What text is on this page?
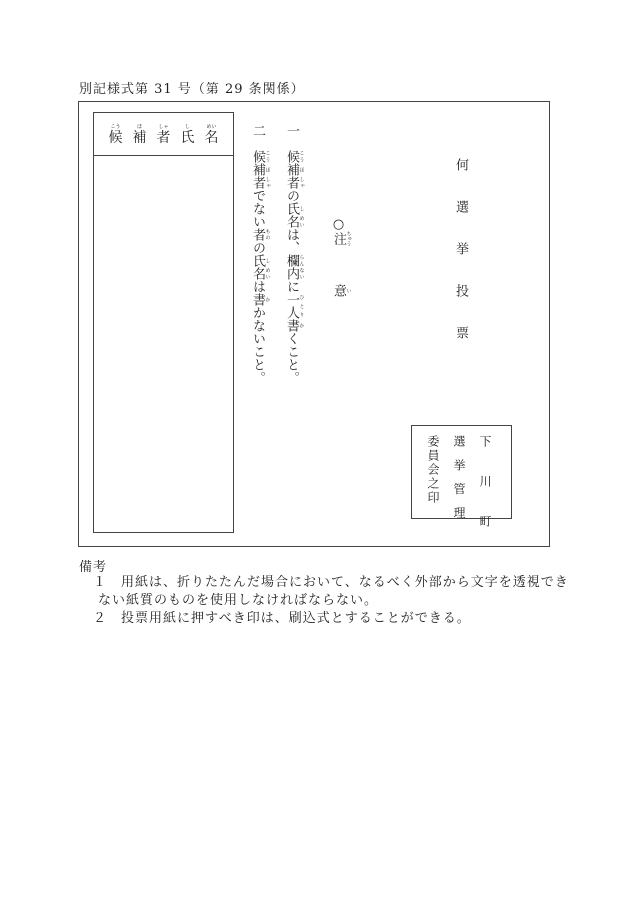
別記様式第 31 号（第 29 条関係）
こう
候
ほ
補
しゃ
者
し
氏
めい
名	一　候 こう補 ほ者 しゃの氏 し名 めいは、欄内 らんないに一人 ひとり書 かくこと。
二　候 こう補 ほ者 しゃでない者 ものの氏 し名 めいは書 かかないこと。
○注 ちゅう　　　意 い	何選挙投票
下　川　町
選 挙 管 理
委員会之印
備考
１　用紙は、折りたたんだ場合において、なるべく外部から文字を透視でき
ない紙質のものを使用しなければならない。
２　投票用紙に押すべき印は、刷込式とすることができる。
